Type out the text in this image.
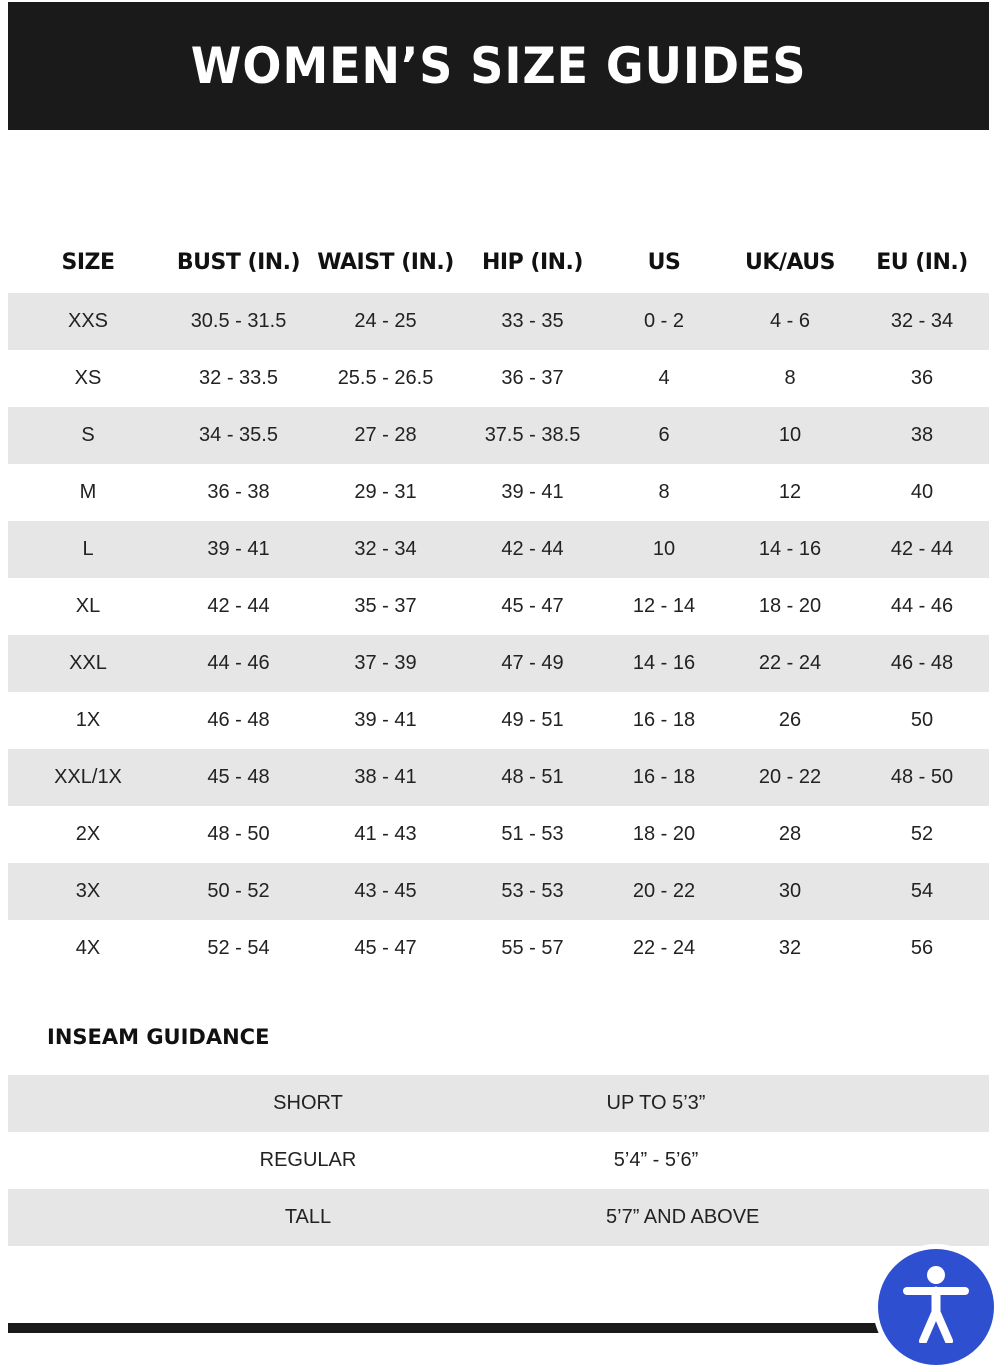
WOMEN’S SIZE GUIDES
SIZE	BUST (IN.)	WAIST (IN.)	HIP (IN.)	US	UK/AUS	EU (IN.)
XXS	30.5 - 31.5	24 - 25	33 - 35	0 - 2	4 - 6	32 - 34
XS	32 - 33.5	25.5 - 26.5	36 - 37	4	8	36
S	34 - 35.5	27 - 28	37.5 - 38.5	6	10	38
M	36 - 38	29 - 31	39 - 41	8	12	40
L	39 - 41	32 - 34	42 - 44	10	14 - 16	42 - 44
XL	42 - 44	35 - 37	45 - 47	12 - 14	18 - 20	44 - 46
XXL	44 - 46	37 - 39	47 - 49	14 - 16	22 - 24	46 - 48
1X	46 - 48	39 - 41	49 - 51	16 - 18	26	50
XXL/1X	45 - 48	38 - 41	48 - 51	16 - 18	20 - 22	48 - 50
2X	48 - 50	41 - 43	51 - 53	18 - 20	28	52
3X	50 - 52	43 - 45	53 - 53	20 - 22	30	54
4X	52 - 54	45 - 47	55 - 57	22 - 24	32	56
INSEAM GUIDANCE
SHORT	UP TO 5’3”
REGULAR	5’4” - 5’6”
TALL	5’7” AND ABOVE
